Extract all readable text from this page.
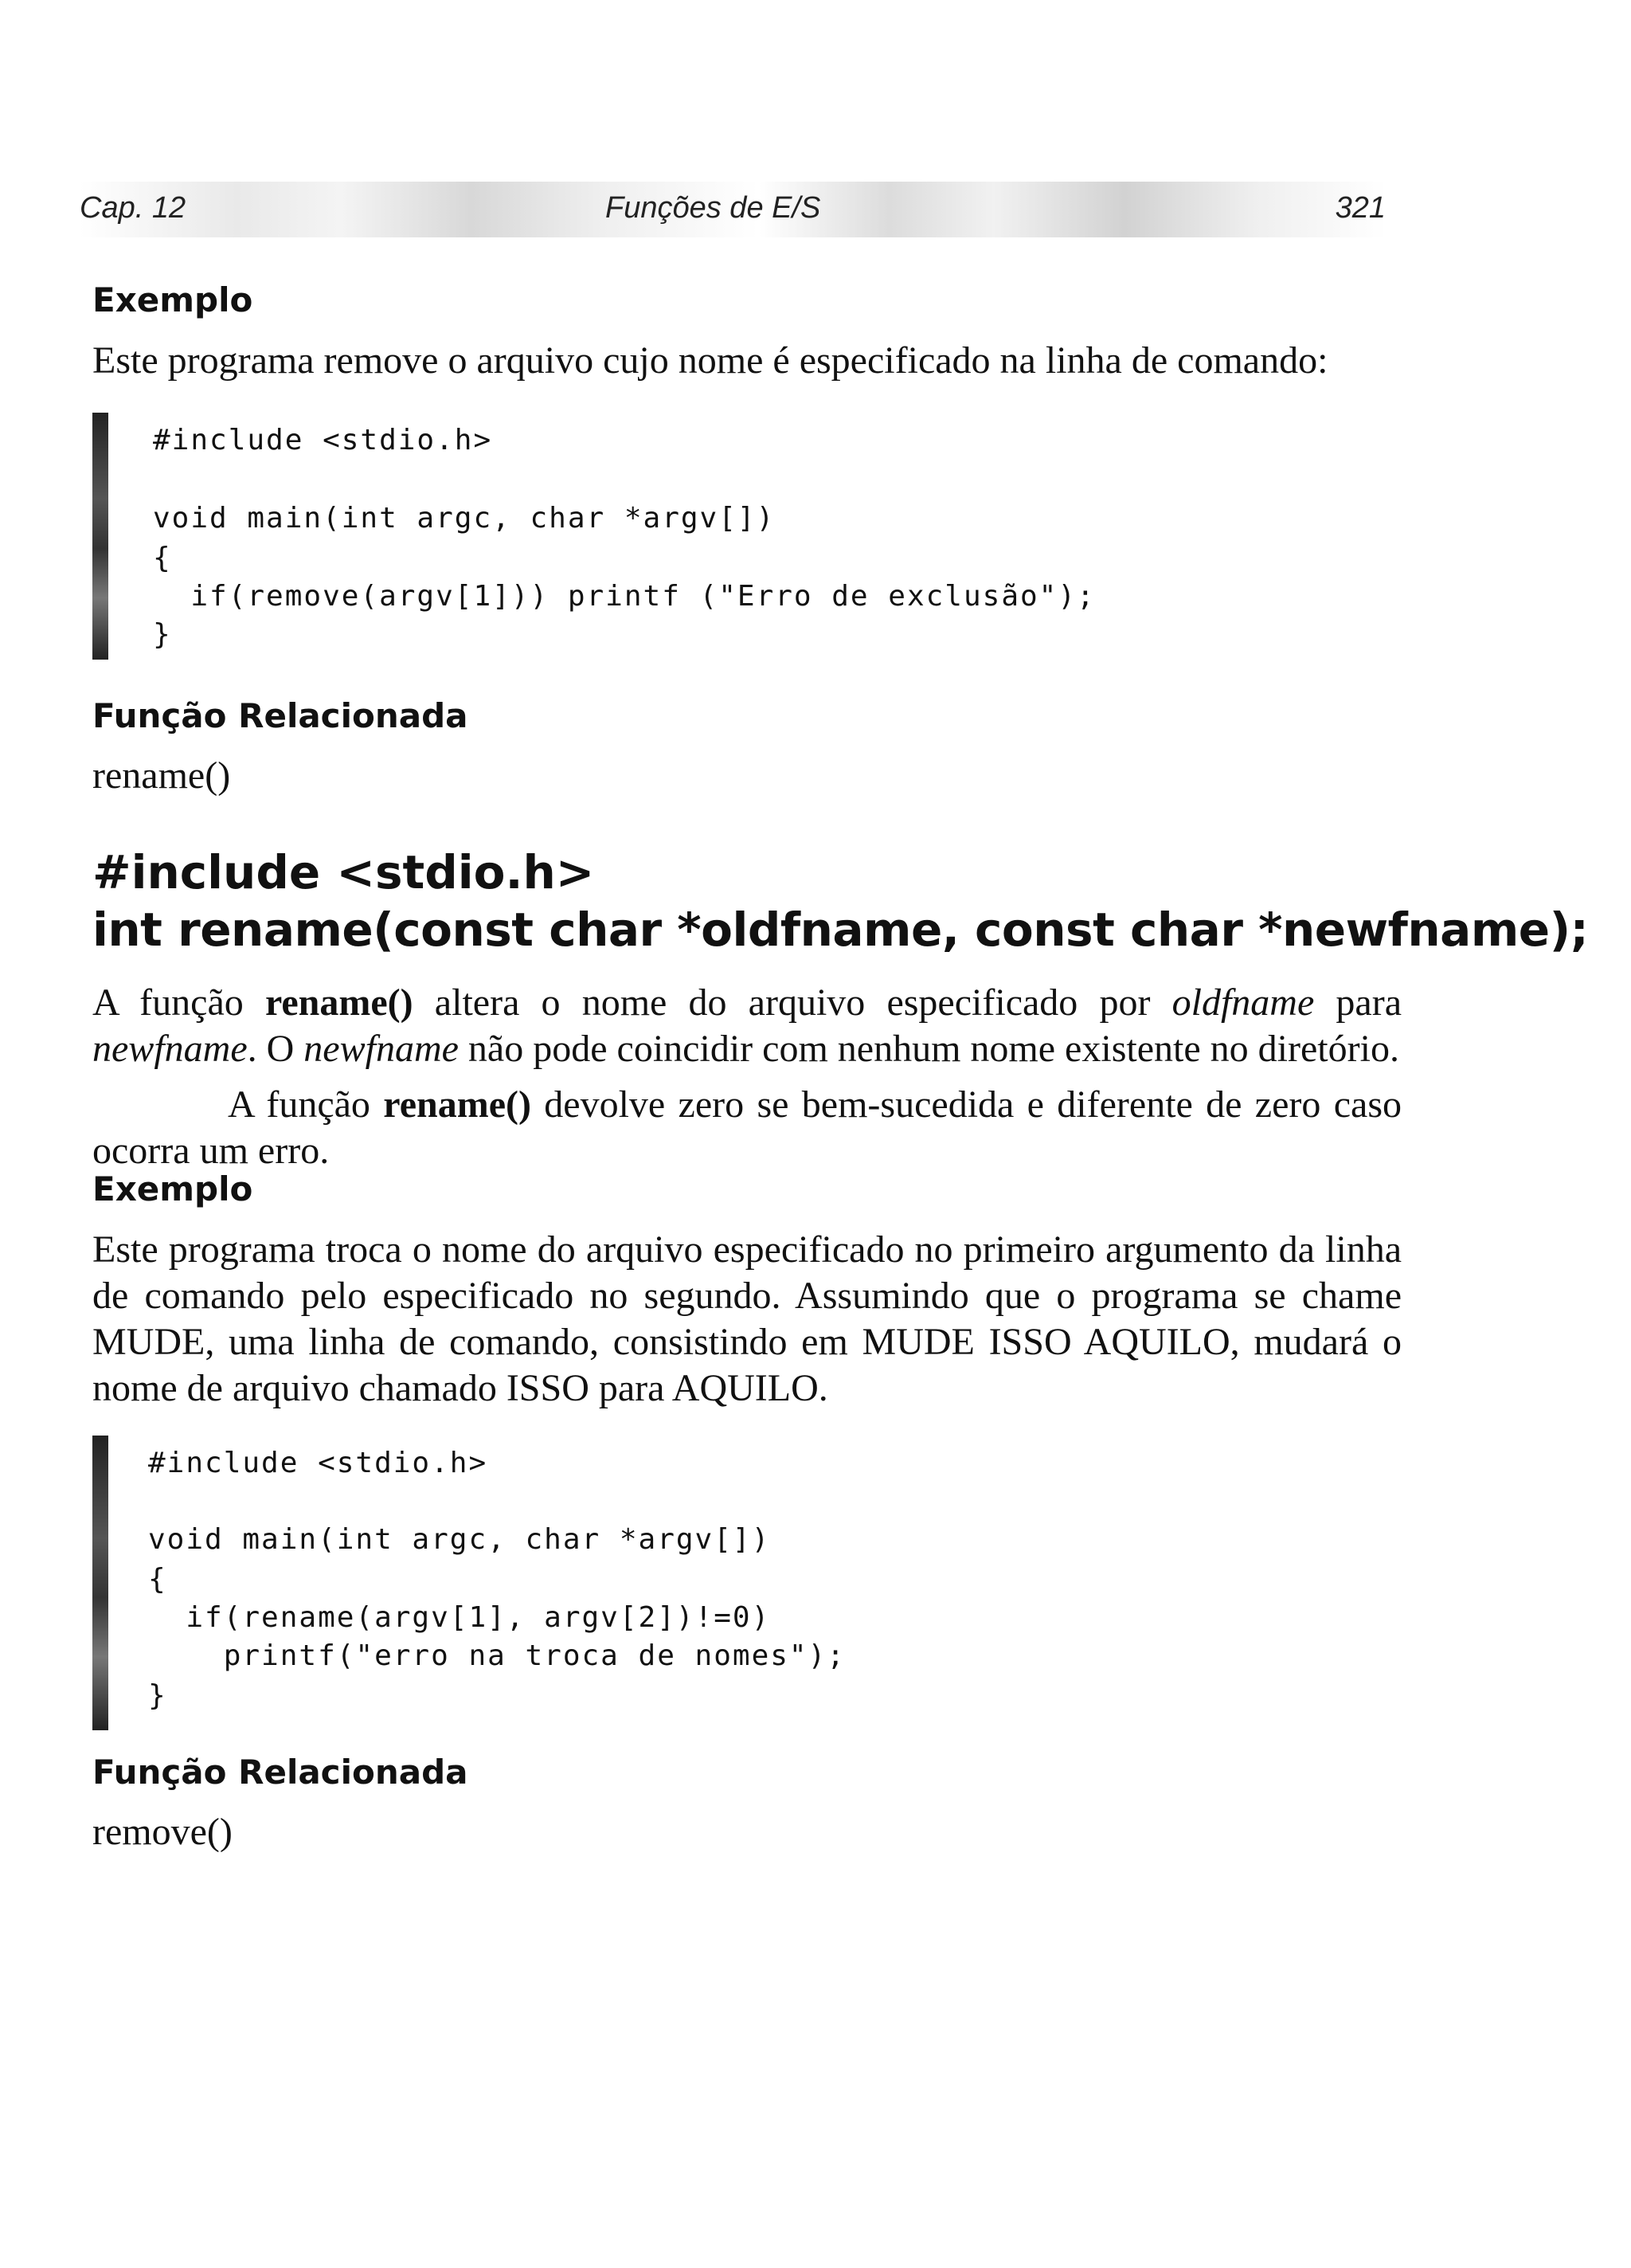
Cap. 12	Funções de E/S	321
Exemplo

Este programa remove o arquivo cujo nome é especificado na linha de comando:

#include <stdio.h>
void main(int argc, char *argv[])
{
if(remove(argv[1])) printf ("Erro de exclusão");
}
Função Relacionada

rename()

#include <stdio.h>

int rename(const char *oldfname, const char *newfname);

A função rename() altera o nome do arquivo especificado por oldfname para newfname. O newfname não pode coincidir com nenhum nome existente no diretório.

A função rename() devolve zero se bem-sucedida e diferente de zero caso ocorra um erro.

Exemplo

Este programa troca o nome do arquivo especificado no primeiro argumento da linha de comando pelo especificado no segundo. Assumindo que o programa se chame MUDE, uma linha de comando, consistindo em MUDE ISSO AQUILO, mudará o nome de arquivo chamado ISSO para AQUILO.

#include <stdio.h>
void main(int argc, char *argv[])
{
if(rename(argv[1], argv[2])!=0)
printf("erro na troca de nomes");
}
Função Relacionada

remove()
